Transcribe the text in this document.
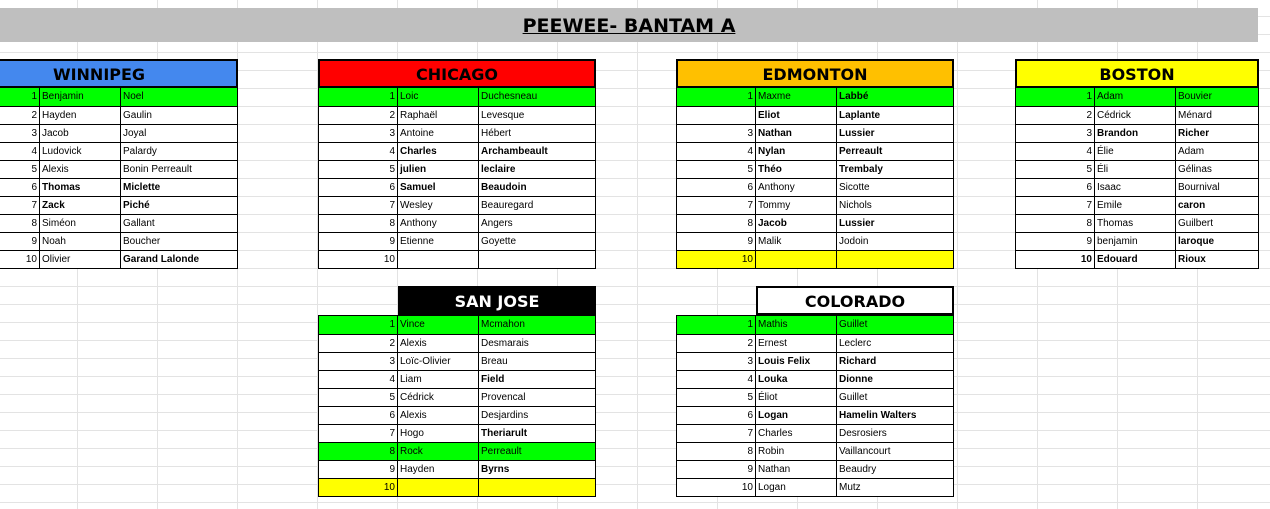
PEEWEE- BANTAM A
WINNIPEG
1 Benjamin	Noel
2 Hayden	Gaulin
3 Jacob	Joyal
4 Ludovick	Palardy
5 Alexis	Bonin Perreault
6 Thomas	Miclette
7 Zack	Piché
8 Siméon	Gallant
9 Noah	Boucher
10 Olivier	Garand Lalonde
CHICAGO
1 Loic	Duchesneau
2 Raphaël	Levesque
3 Antoine	Hébert
4 Charles	Archambeault
5 julien	leclaire
6 Samuel	Beaudoin
7 Wesley	Beauregard
8 Anthony	Angers
9 Etienne	Goyette
10
EDMONTON
1 Maxme	Labbé
Eliot	Laplante
3 Nathan	Lussier
4 Nylan	Perreault
5 Théo	Trembaly
6 Anthony	Sicotte
7 Tommy	Nichols
8 Jacob	Lussier
9 Malik	Jodoin
10
BOSTON
1 Adam	Bouvier
2 Cédrick	Ménard
3 Brandon	Richer
4 Élie	Adam
5 Éli	Gélinas
6 Isaac	Bournival
7 Emile	caron
8 Thomas	Guilbert
9 benjamin	laroque
10 Edouard	Rioux
SAN JOSE
1 Vince	Mcmahon
2 Alexis	Desmarais
3 Loïc-Olivier	Breau
4 Liam	Field
5 Cédrick	Provencal
6 Alexis	Desjardins
7 Hogo	Theriarult
8 Rock	Perreault
9 Hayden	Byrns
10
COLORADO
1 Mathis	Guillet
2 Ernest	Leclerc
3 Louis Felix	Richard
4 Louka	Dionne
5 Éliot	Guillet
6 Logan	Hamelin Walters
7 Charles	Desrosiers
8 Robin	Vaillancourt
9 Nathan	Beaudry
10 Logan	Mutz
